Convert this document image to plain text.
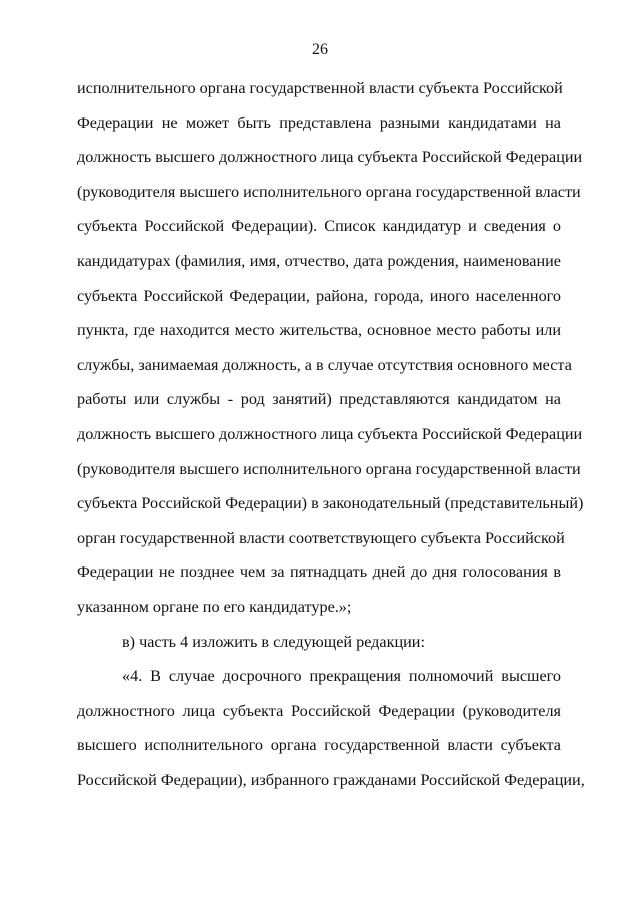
26
исполнительного органа государственной власти субъекта Российской
Федерации не может быть представлена разными кандидатами на
должность высшего должностного лица субъекта Российской Федерации
(руководителя высшего исполнительного органа государственной власти
субъекта Российской Федерации). Список кандидатур и сведения о
кандидатурах (фамилия, имя, отчество, дата рождения, наименование
субъекта Российской Федерации, района, города, иного населенного
пункта, где находится место жительства, основное место работы или
службы, занимаемая должность, а в случае отсутствия основного места
работы или службы - род занятий) представляются кандидатом на
должность высшего должностного лица субъекта Российской Федерации
(руководителя высшего исполнительного органа государственной власти
субъекта Российской Федерации) в законодательный (представительный)
орган государственной власти соответствующего субъекта Российской
Федерации не позднее чем за пятнадцать дней до дня голосования в
указанном органе по его кандидатуре.»;
в) часть 4 изложить в следующей редакции:
«4. В случае досрочного прекращения полномочий высшего
должностного лица субъекта Российской Федерации (руководителя
высшего исполнительного органа государственной власти субъекта
Российской Федерации), избранного гражданами Российской Федерации,
